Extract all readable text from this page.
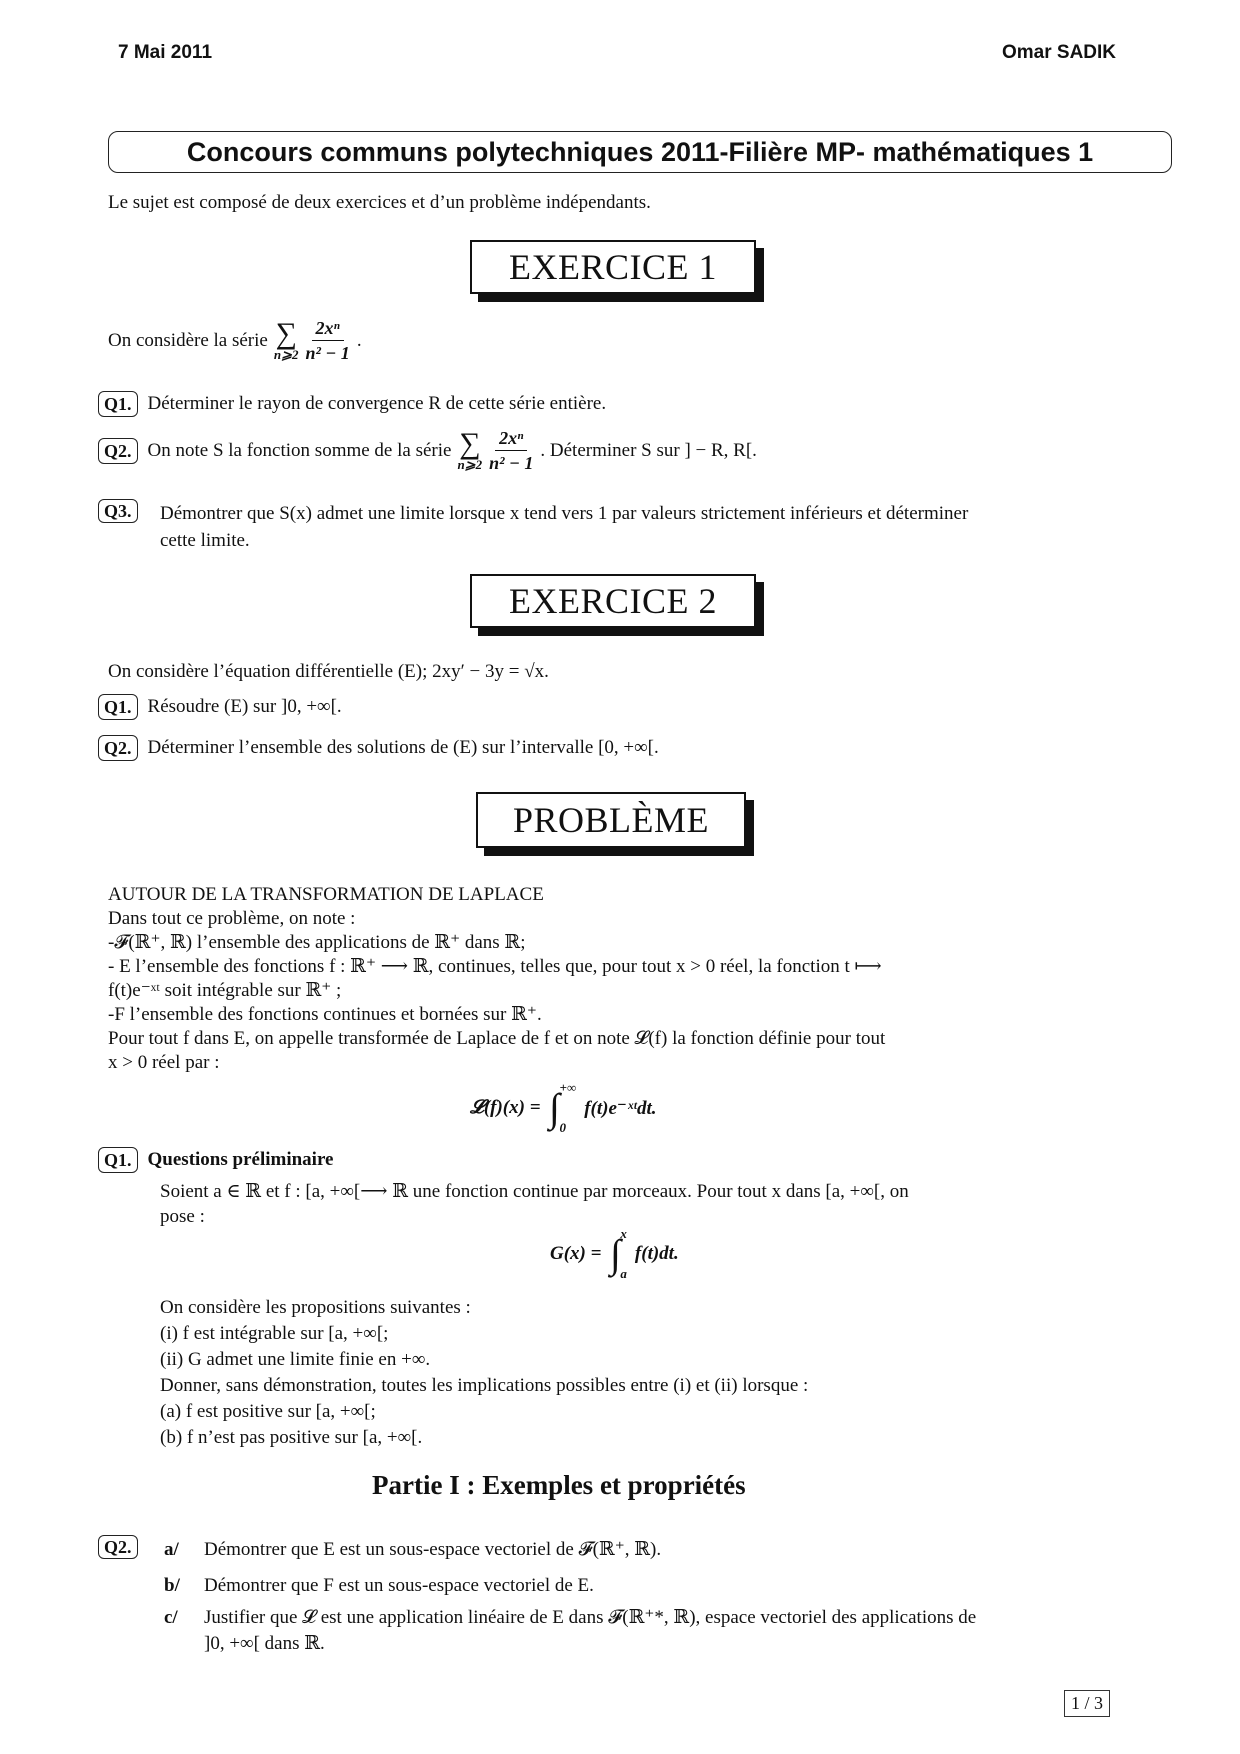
7 Mai 2011	Omar SADIK
Concours communs polytechniques 2011-Filière MP- mathématiques 1
Le sujet est composé de deux exercices et d’un problème indépendants.
EXERCICE 1
On considère la série ∑
n⩾2 $\frac{\text{2xⁿ}}{\text{n² − 1}}$ .
Q1. Déterminer le rayon de convergence R de cette série entière.
Q2. On note S la fonction somme de la série ∑
n⩾2 $\frac{\text{2xⁿ}}{\text{n² − 1}}$ . Déterminer S sur ] − R, R[.
Q3.	Démontrer que S(x) admet une limite lorsque x tend vers 1 par valeurs strictement inférieurs et déterminer
cette limite.
EXERCICE 2
On considère l’équation différentielle (E); 2xy′ − 3y = √x.
Q1. Résoudre (E) sur ]0, +∞[.
Q2. Déterminer l’ensemble des solutions de (E) sur l’intervalle [0, +∞[.
PROBLÈME
AUTOUR DE LA TRANSFORMATION DE LAPLACE
Dans tout ce problème, on note :
-𝓕(ℝ⁺, ℝ) l’ensemble des applications de ℝ⁺ dans ℝ;
- E l’ensemble des fonctions f : ℝ⁺ ⟶ ℝ, continues, telles que, pour tout x > 0 réel, la fonction t ⟼
f(t)e⁻ˣᵗ soit intégrable sur ℝ⁺ ;
-F l’ensemble des fonctions continues et bornées sur ℝ⁺.
Pour tout f dans E, on appelle transformée de Laplace de f et on note 𝓛(f) la fonction définie pour tout
x > 0 réel par :
𝓛(f)(x) = ∫ +∞
0
f(t)e⁻ˣᵗdt.
Q1. Questions préliminaire
Soient a ∈ ℝ et f : [a, +∞[⟶ ℝ une fonction continue par morceaux. Pour tout x dans [a, +∞[, on
pose :
G(x) = ∫ x
a
f(t)dt.
On considère les propositions suivantes :
(i) f est intégrable sur [a, +∞[;
(ii) G admet une limite finie en +∞.
Donner, sans démonstration, toutes les implications possibles entre (i) et (ii) lorsque :
(a) f est positive sur [a, +∞[;
(b) f n’est pas positive sur [a, +∞[.
Partie I : Exemples et propriétés
Q2.	a/	Démontrer que E est un sous-espace vectoriel de 𝓕(ℝ⁺, ℝ).
b/	Démontrer que F est un sous-espace vectoriel de E.
c/	Justifier que 𝓛 est une application linéaire de E dans 𝓕(ℝ⁺*, ℝ), espace vectoriel des applications de
]0, +∞[ dans ℝ.
1 / 3
